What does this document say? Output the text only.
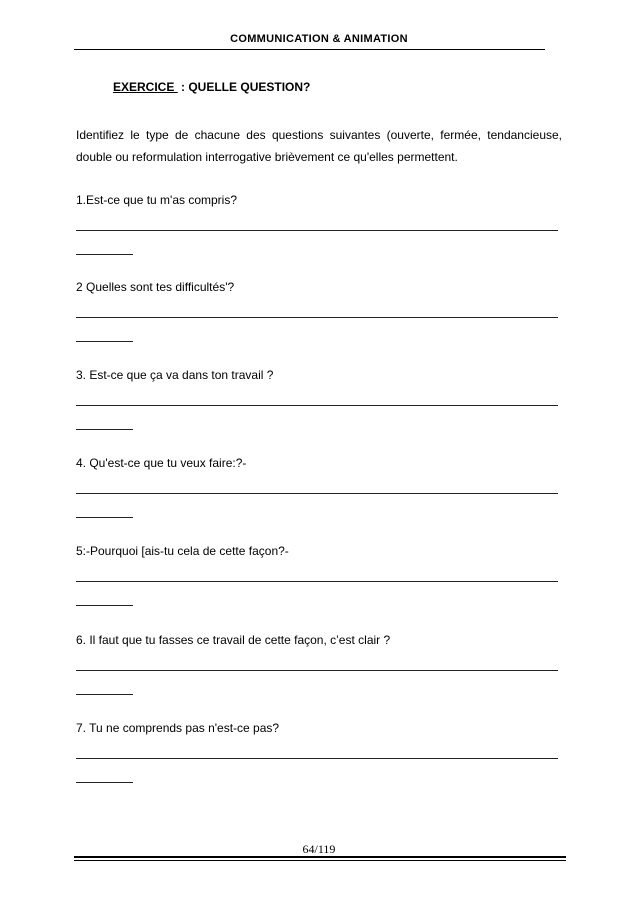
COMMUNICATION & ANIMATION
EXERCICE  : QUELLE QUESTION?

Identifiez le type de chacune des questions suivantes (ouverte, fermée, tendancieuse, double ou reformulation interrogative brièvement ce qu'elles permettent.

1.Est-ce que tu m'as compris?
2 Quelles sont tes difficultés'?
3. Est-ce que ça va dans ton travail ?
4. Qu'est-ce que tu veux faire:?-
5:-Pourquoi [ais-tu cela de cette façon?-
6. Il faut que tu fasses ce travail de cette façon, c’est clair ?
7. Tu ne comprends pas n'est-ce pas?
64/119
